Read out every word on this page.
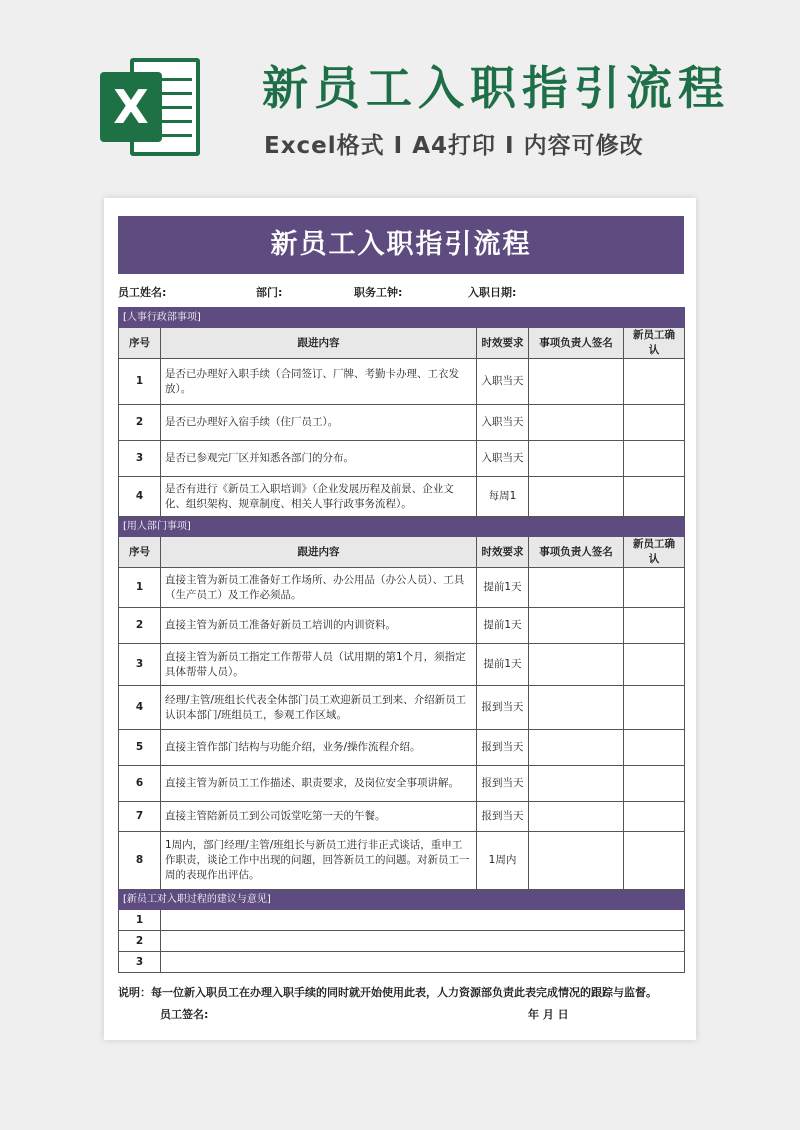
X 新员工入职指引流程
Excel格式 I A4打印 I 内容可修改
新员工入职指引流程
员工姓名:	部门:	职务工钟:	入职日期:
[人事行政部事项]				
序号	跟进内容	时效要求	事项负责人签名	新员工确认
1	是否已办理好入职手续（合同签订、厂牌、考勤卡办理、工衣发放）。	入职当天		
2	是否已办理好入宿手续（住厂员工）。	入职当天		
3	是否已参观完厂区并知悉各部门的分布。	入职当天		
4	是否有进行《新员工入职培训》（企业发展历程及前景、企业文化、组织架构、规章制度、相关人事行政事务流程）。	每周1		
[用人部门事项]				
序号	跟进内容	时效要求	事项负责人签名	新员工确认
1	直接主管为新员工准备好工作场所、办公用品（办公人员）、工具（生产员工）及工作必须品。	提前1天		
2	直接主管为新员工准备好新员工培训的内训资料。	提前1天		
3	直接主管为新员工指定工作帮带人员（试用期的第1个月，须指定具体帮带人员）。	提前1天		
4	经理/主管/班组长代表全体部门员工欢迎新员工到来、介绍新员工认识本部门/班组员工，参观工作区域。	报到当天		
5	直接主管作部门结构与功能介绍，业务/操作流程介绍。	报到当天		
6	直接主管为新员工工作描述、职责要求，及岗位安全事项讲解。	报到当天		
7	直接主管陪新员工到公司饭堂吃第一天的午餐。	报到当天		
8	1周内，部门经理/主管/班组长与新员工进行非正式谈话，重申工作职责，谈论工作中出现的问题，回答新员工的问题。对新员工一周的表现作出评估。	1周内		
[新员工对入职过程的建议与意见]				
1				
2				
3				
说明：每一位新入职员工在办理入职手续的同时就开始使用此表，人力资源部负责此表完成情况的跟踪与监督。
员工签名:	年 月 日
